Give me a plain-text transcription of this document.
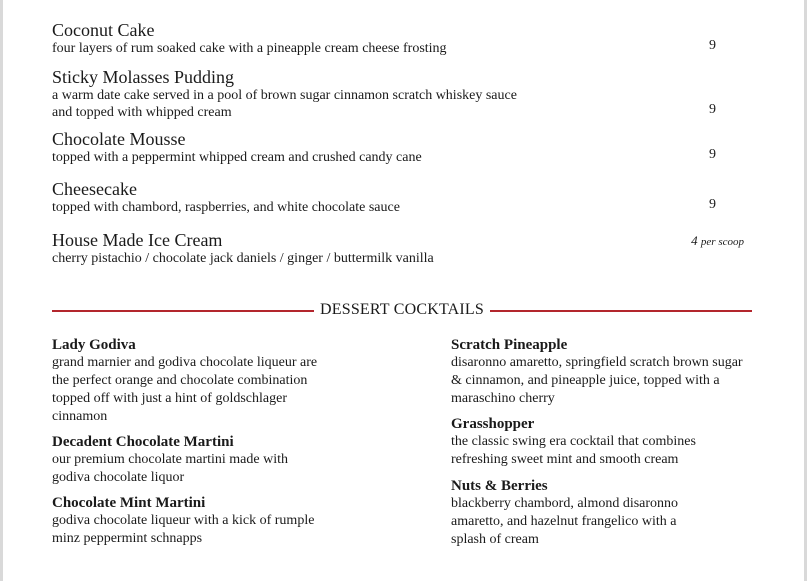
Coconut Cake
four layers of rum soaked cake with a pineapple cream cheese frosting	9
Sticky Molasses Pudding
a warm date cake served in a pool of brown sugar cinnamon scratch whiskey sauce
and topped with whipped cream	9
Chocolate Mousse
topped with a peppermint whipped cream and crushed candy cane	9
Cheesecake
topped with chambord, raspberries, and white chocolate sauce	9
House Made Ice Cream
cherry pistachio / chocolate jack daniels / ginger / buttermilk vanilla
4 per scoop
DESSERT COCKTAILS
Lady Godiva
grand marnier and godiva chocolate liqueur are
the perfect orange and chocolate combination
topped off with just a hint of goldschlager
cinnamon
Decadent Chocolate Martini
our premium chocolate martini made with
godiva chocolate liquor
Chocolate Mint Martini
godiva chocolate liqueur with a kick of rumple
minz peppermint schnapps
Scratch Pineapple
disaronno amaretto, springfield scratch brown sugar
& cinnamon, and pineapple juice, topped with a
maraschino cherry
Grasshopper
the classic swing era cocktail that combines
refreshing sweet mint and smooth cream
Nuts & Berries
blackberry chambord, almond disaronno
amaretto, and hazelnut frangelico with a
splash of cream
